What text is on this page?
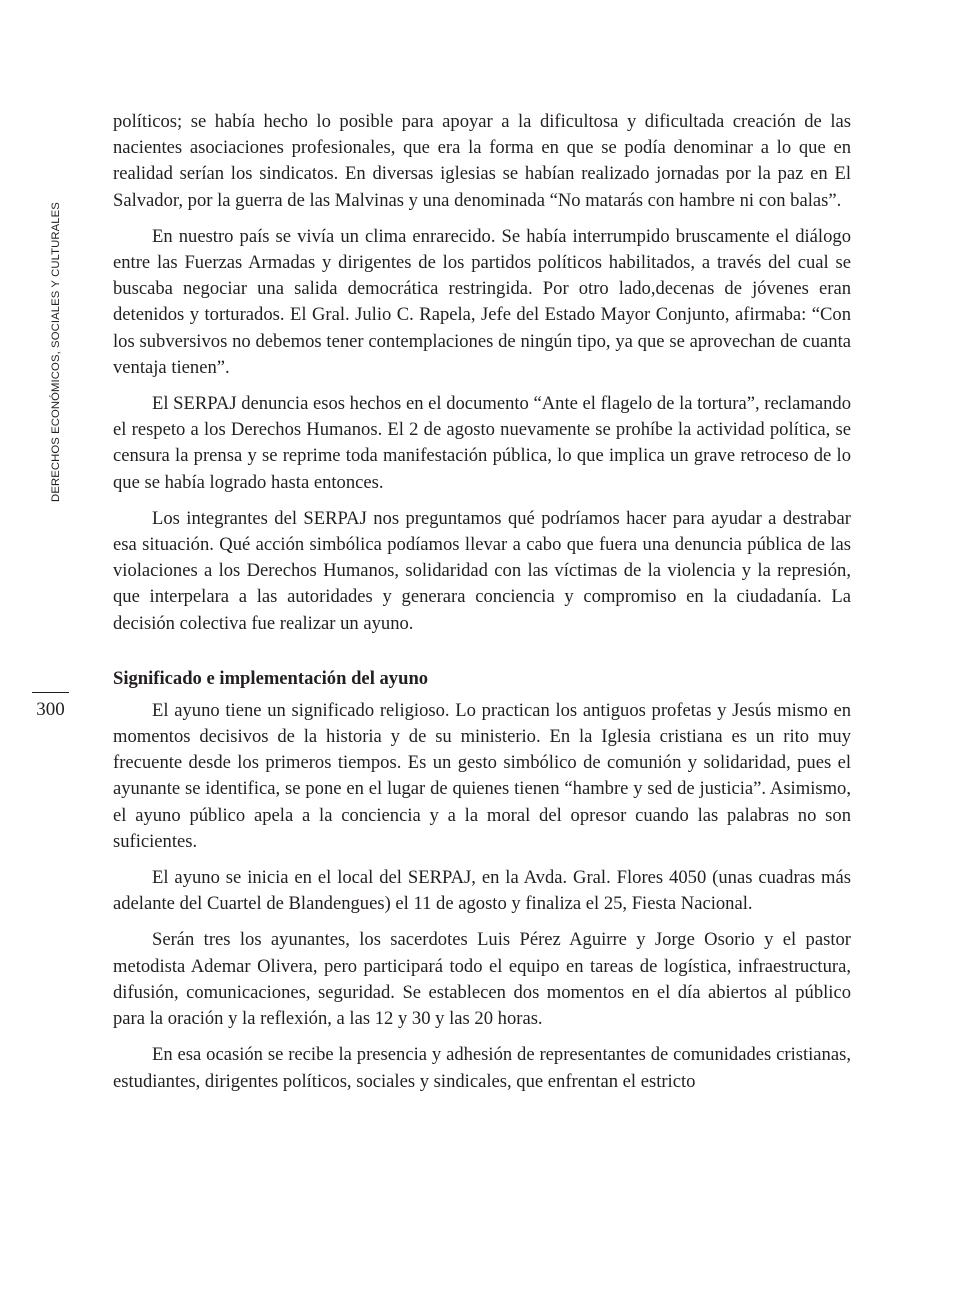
DERECHOS ECONÓMICOS, SOCIALES Y CULTURALES
300

políticos; se había hecho lo posible para apoyar a la dificultosa y dificultada creación de las nacientes asociaciones profesionales, que era la forma en que se podía denominar a lo que en realidad serían los sindicatos. En diversas iglesias se habían realizado jornadas por la paz en El Salvador, por la guerra de las Malvinas y una denominada “No matarás con hambre ni con balas”.

En nuestro país se vivía un clima enrarecido. Se había interrumpido bruscamente el diálogo entre las Fuerzas Armadas y dirigentes de los partidos políticos habilitados, a través del cual se buscaba negociar una salida democrática restringida. Por otro lado,decenas de jóvenes eran detenidos y torturados. El Gral. Julio C. Rapela, Jefe del Estado Mayor Conjunto, afirmaba: “Con los subversivos no debemos tener contemplaciones de ningún tipo, ya que se aprovechan de cuanta ventaja tienen”.

El SERPAJ denuncia esos hechos en el documento “Ante el flagelo de la tortura”, reclamando el respeto a los Derechos Humanos. El 2 de agosto nuevamente se prohíbe la actividad política, se censura la prensa y se reprime toda manifestación pública, lo que implica un grave retroceso de lo que se había logrado hasta entonces.

Los integrantes del SERPAJ nos preguntamos qué podríamos hacer para ayudar a destrabar esa situación. Qué acción simbólica podíamos llevar a cabo que fuera una denuncia pública de las violaciones a los Derechos Humanos, solidaridad con las víctimas de la violencia y la represión, que interpelara a las autoridades y generara conciencia y compromiso en la ciudadanía. La decisión colectiva fue realizar un ayuno.

Significado e implementación del ayuno

El ayuno tiene un significado religioso. Lo practican los antiguos profetas y Jesús mismo en momentos decisivos de la historia y de su ministerio. En la Iglesia cristiana es un rito muy frecuente desde los primeros tiempos. Es un gesto simbólico de comunión y solidaridad, pues el ayunante se identifica, se pone en el lugar de quienes tienen “hambre y sed de justicia”. Asimismo, el ayuno público apela a la conciencia y a la moral del opresor cuando las palabras no son suficientes.

El ayuno se inicia en el local del SERPAJ, en la Avda. Gral. Flores 4050 (unas cuadras más adelante del Cuartel de Blandengues) el 11 de agosto y finaliza el 25, Fiesta Nacional.

Serán tres los ayunantes, los sacerdotes Luis Pérez Aguirre y Jorge Osorio y el pastor metodista Ademar Olivera, pero participará todo el equipo en tareas de logística, infraestructura, difusión, comunicaciones, seguridad. Se establecen dos momentos en el día abiertos al público para la oración y la reflexión, a las 12 y 30 y las 20 horas.

En esa ocasión se recibe la presencia y adhesión de representantes de comunidades cristianas, estudiantes, dirigentes políticos, sociales y sindicales, que enfrentan el estricto
